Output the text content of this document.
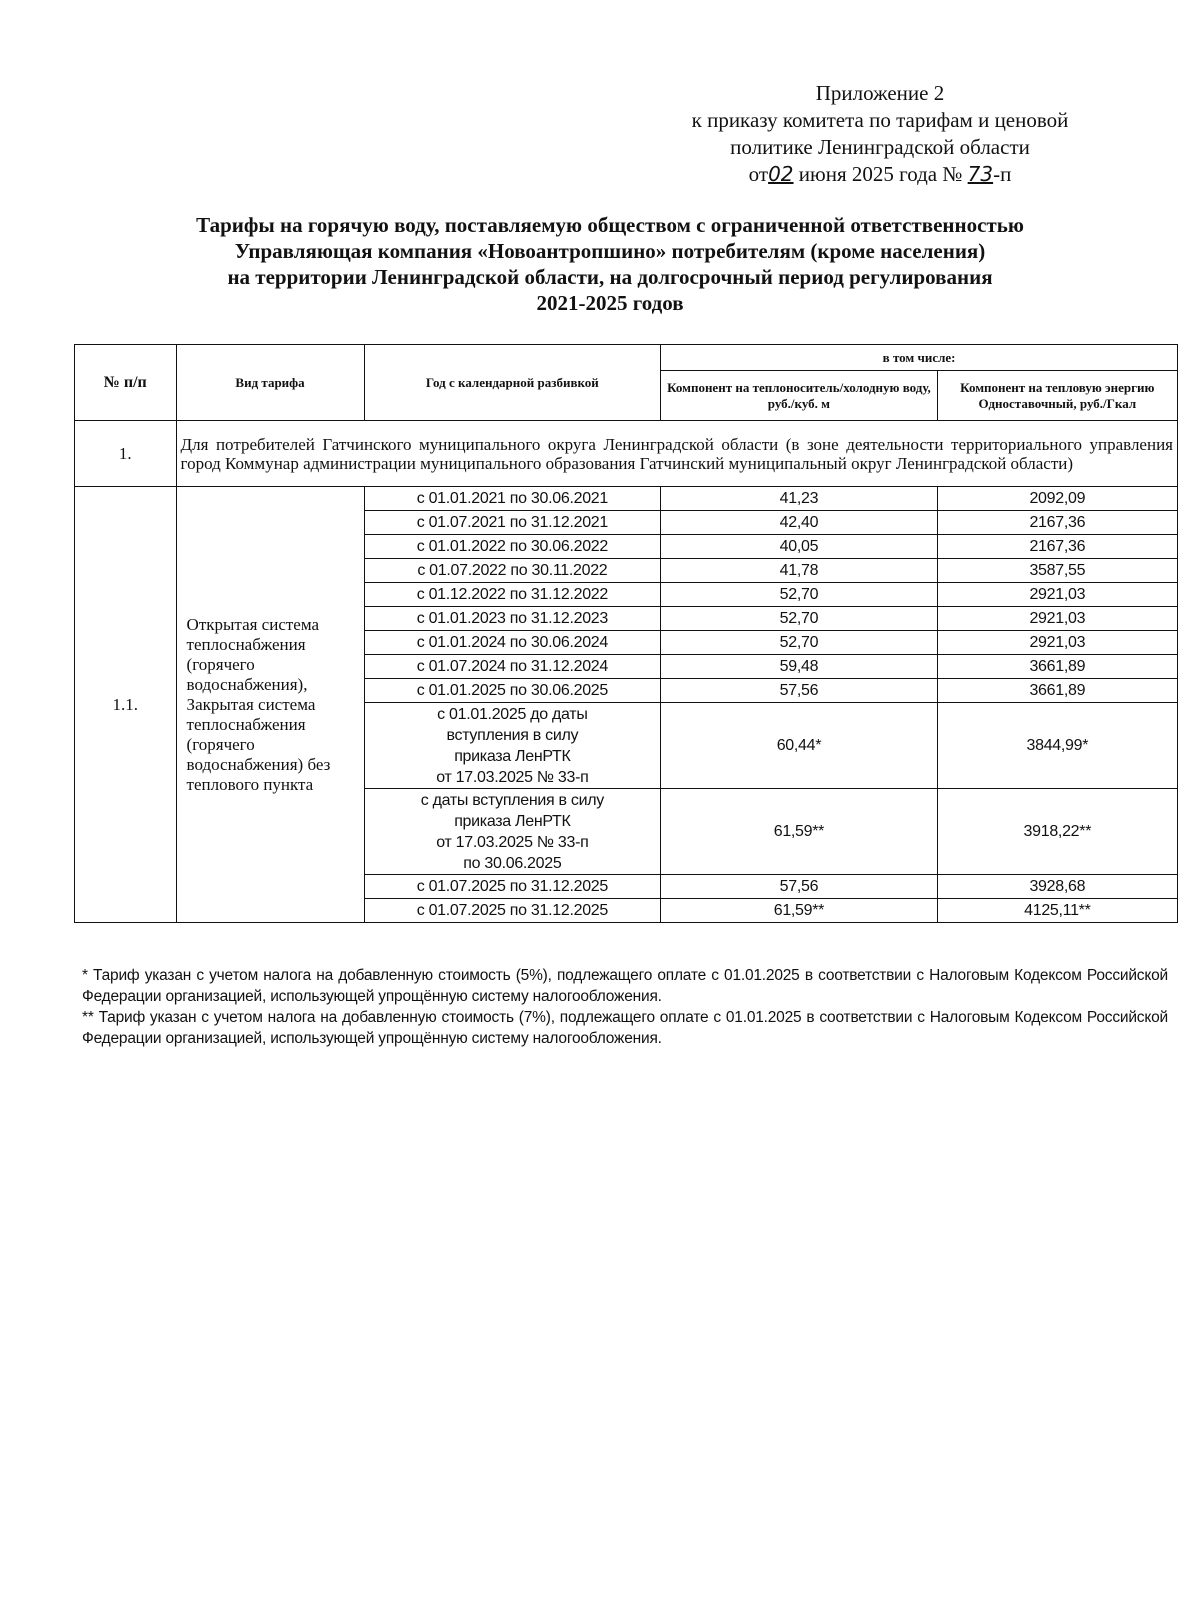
Приложение 2
к приказу комитета по тарифам и ценовой
политике Ленинградской области
от02 июня 2025 года № 73-п
Тарифы на горячую воду, поставляемую обществом с ограниченной ответственностью
Управляющая компания «Новоантропшино» потребителям (кроме населения)
на территории Ленинградской области, на долгосрочный период регулирования
2021-2025 годов
№ п/п	Вид тарифа	Год с календарной разбивкой	в том числе:	
			Компонент на теплоноситель/холодную воду, руб./куб. м	Компонент на тепловую энергию Одноставочный, руб./Гкал
1.	Для потребителей Гатчинского муниципального округа Ленинградской области (в зоне деятельности территориального управления город Коммунар администрации муниципального образования Гатчинский муниципальный округ Ленинградской области)			
1.1.	Открытая система теплоснабжения (горячего водоснабжения), Закрытая система теплоснабжения (горячего водоснабжения) без теплового пункта	с 01.01.2021 по 30.06.2021	41,23	2092,09
		с 01.07.2021 по 31.12.2021	42,40	2167,36
		с 01.01.2022 по 30.06.2022	40,05	2167,36
		с 01.07.2022 по 30.11.2022	41,78	3587,55
		с 01.12.2022 по 31.12.2022	52,70	2921,03
		с 01.01.2023 по 31.12.2023	52,70	2921,03
		с 01.01.2024 по 30.06.2024	52,70	2921,03
		с 01.07.2024 по 31.12.2024	59,48	3661,89
		с 01.01.2025 по 30.06.2025	57,56	3661,89

		с 01.01.2025 до даты
вступления в силу
приказа ЛенРТК
от 17.03.2025 № 33-п	60,44*	3844,99*

		с даты вступления в силу
приказа ЛенРТК
от 17.03.2025 № 33-п
по 30.06.2025	61,59**	3918,22**
		с 01.07.2025 по 31.12.2025	57,56	3928,68
		с 01.07.2025 по 31.12.2025	61,59**	4125,11**

* Тариф указан с учетом налога на добавленную стоимость (5%), подлежащего оплате с 01.01.2025 в соответствии с Налоговым Кодексом Российской Федерации организацией, использующей упрощённую систему налогообложения.

** Тариф указан с учетом налога на добавленную стоимость (7%), подлежащего оплате с 01.01.2025 в соответствии с Налоговым Кодексом Российской Федерации организацией, использующей упрощённую систему налогообложения.
